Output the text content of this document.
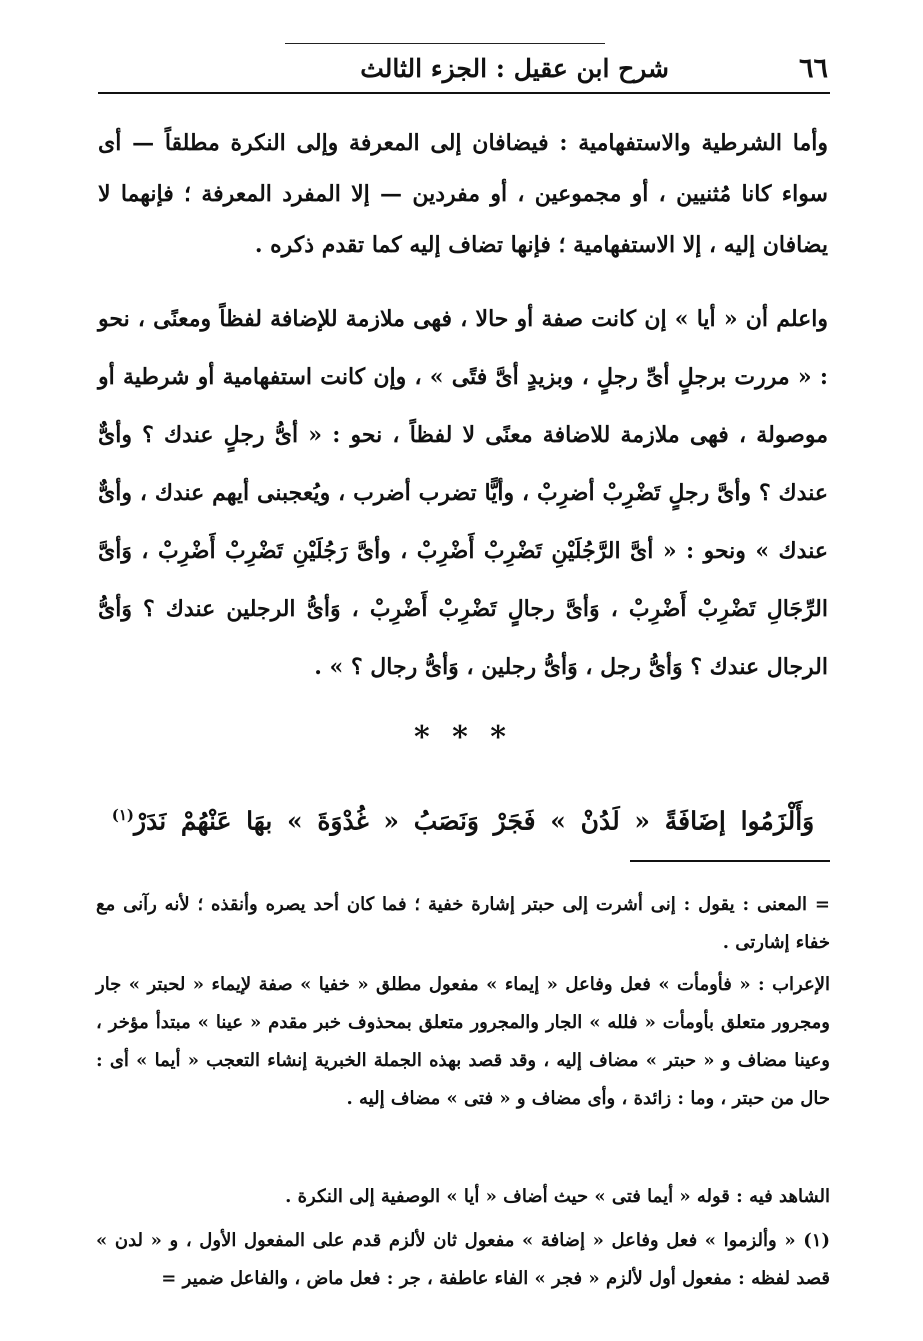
٦٦
شرح ابن عقيل : الجزء الثالث

وأما الشرطية والاستفهامية : فيضافان إلى المعرفة وإلى النكرة مطلقاً — أى سواء كانا مُثنيين ، أو مجموعين ، أو مفردين — إلا المفرد المعرفة ؛ فإنهما لا يضافان إليه ، إلا الاستفهامية ؛ فإنها تضاف إليه كما تقدم ذكره .

واعلم أن « أيا » إن كانت صفة أو حالا ، فهى ملازمة للإضافة لفظاً ومعنًى ، نحو : « مررت برجلٍ أىِّ رجلٍ ، وبزيدٍ أىَّ فتًى » ، وإن كانت استفهامية أو شرطية أو موصولة ، فهى ملازمة للاضافة معنًى لا لفظاً ، نحو : « أىُّ رجلٍ عندك ؟ وأىٌّ عندك ؟ وأىَّ رجلٍ تَضْرِبْ أضرِبْ ، وأيًّا تضرب أضرب ، ويُعجبنى أيهم عندك ، وأىٌّ عندك » ونحو : « أىَّ الرَّجُلَيْنِ تَضْرِبْ أَضْرِبْ ، وأىَّ رَجُلَيْنِ تَضْرِبْ أَضْرِبْ ، وَأىَّ الرِّجَالِ تَضْرِبْ أَضْرِبْ ، وَأىَّ رجالٍ تَضْرِبْ أَضْرِبْ ، وَأىُّ الرجلين عندك ؟ وَأىُّ الرجال عندك ؟ وَأىُّ رجل ، وَأىُّ رجلين ، وَأىُّ رجال ؟ » .

* * *
وَأَلْزَمُوا إضَافَةً « لَدُنْ » فَجَرْ وَنَصَبُ « غُدْوَةَ » بهَا عَنْهُمْ نَدَرْ$^{(١)}$

= المعنى : يقول : إنى أشرت إلى حبتر إشارة خفية ؛ فما كان أحد يصره وأنقذه ؛ لأنه رآنى مع خفاء إشارتى .

الإعراب : « فأومأت » فعل وفاعل « إيماء » مفعول مطلق « خفيا » صفة لإيماء « لحبتر » جار ومجرور متعلق بأومأت « فلله » الجار والمجرور متعلق بمحذوف خبر مقدم « عينا » مبتدأ مؤخر ، وعينا مضاف و « حبتر » مضاف إليه ، وقد قصد بهذه الجملة الخبرية إنشاء التعجب « أيما » أى : حال من حبتر ، وما : زائدة ، وأى مضاف و « فتى » مضاف إليه .

الشاهد فيه : قوله « أيما فتى » حيث أضاف « أيا » الوصفية إلى النكرة .

(١) « وألزموا » فعل وفاعل « إضافة » مفعول ثان لألزم قدم على المفعول الأول ، و « لدن » قصد لفظه : مفعول أول لألزم « فجر » الفاء عاطفة ، جر : فعل ماض ، والفاعل ضمير =
